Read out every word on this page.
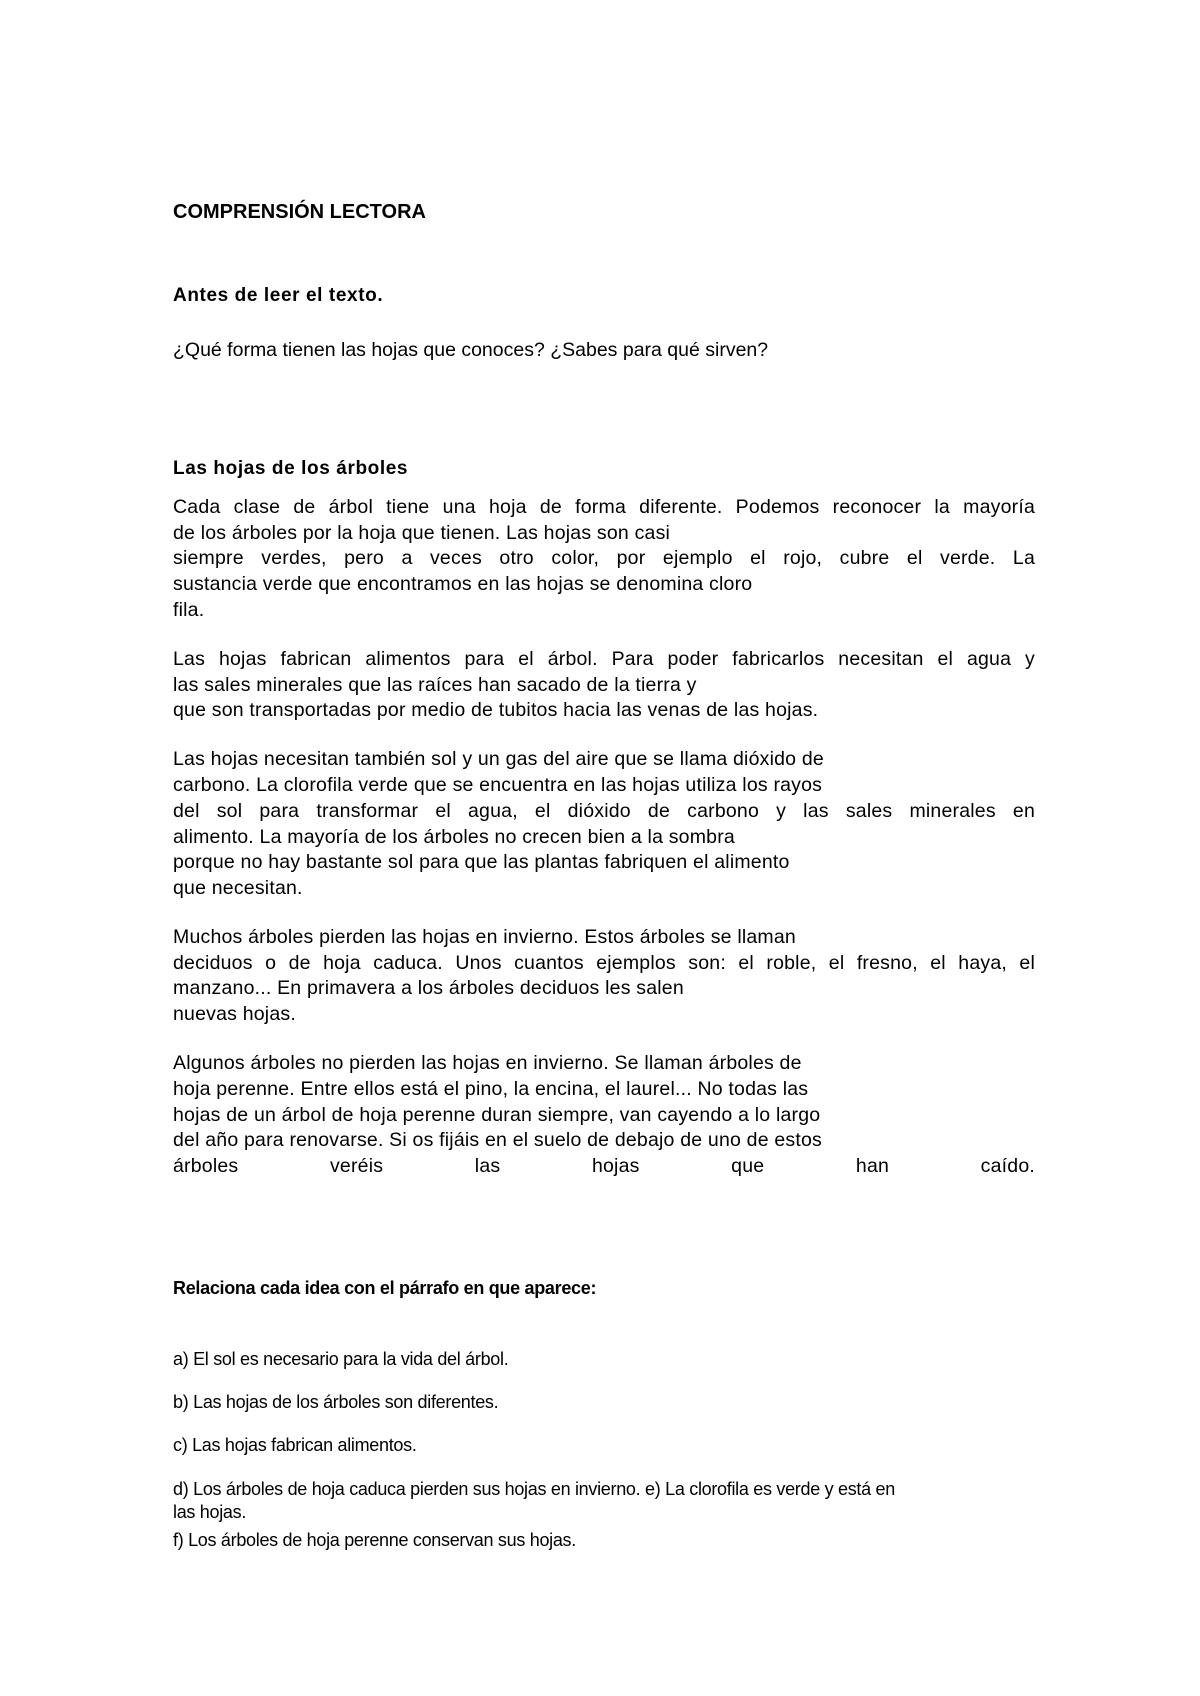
COMPRENSIÓN LECTORA
Antes de leer el texto.
¿Qué forma tienen las hojas que conoces? ¿Sabes para qué sirven?
Las hojas de los árboles
Cada clase de árbol tiene una hoja de forma diferente. Podemos reconocer la mayoría
de los árboles por la hoja que tienen. Las hojas son casi
siempre verdes, pero a veces otro color, por ejemplo el rojo, cubre el verde. La
sustancia verde que encontramos en las hojas se denomina cloro
fila.
Las hojas fabrican alimentos para el árbol. Para poder fabricarlos necesitan el agua y
las sales minerales que las raíces han sacado de la tierra y
que son transportadas por medio de tubitos hacia las venas de las hojas.
Las hojas necesitan también sol y un gas del aire que se llama dióxido de
carbono. La clorofila verde que se encuentra en las hojas utiliza los rayos
del sol para transformar el agua, el dióxido de carbono y las sales minerales en
alimento. La mayoría de los árboles no crecen bien a la sombra
porque no hay bastante sol para que las plantas fabriquen el alimento
que necesitan.
Muchos árboles pierden las hojas en invierno. Estos árboles se llaman
deciduos o de hoja caduca. Unos cuantos ejemplos son: el roble, el fresno, el haya, el
manzano... En primavera a los árboles deciduos les salen
nuevas hojas.
Algunos árboles no pierden las hojas en invierno. Se llaman árboles de
hoja perenne. Entre ellos está el pino, la encina, el laurel... No todas las
hojas de un árbol de hoja perenne duran siempre, van cayendo a lo largo
del año para renovarse. Si os fijáis en el suelo de debajo de uno de estos
árboles veréis las hojas que han caído.
Relaciona cada idea con el párrafo en que aparece:
a) El sol es necesario para la vida del árbol.
b) Las hojas de los árboles son diferentes.
c) Las hojas fabrican alimentos.
d) Los árboles de hoja caduca pierden sus hojas en invierno. e) La clorofila es verde y está en
las hojas.
f) Los árboles de hoja perenne conservan sus hojas.
